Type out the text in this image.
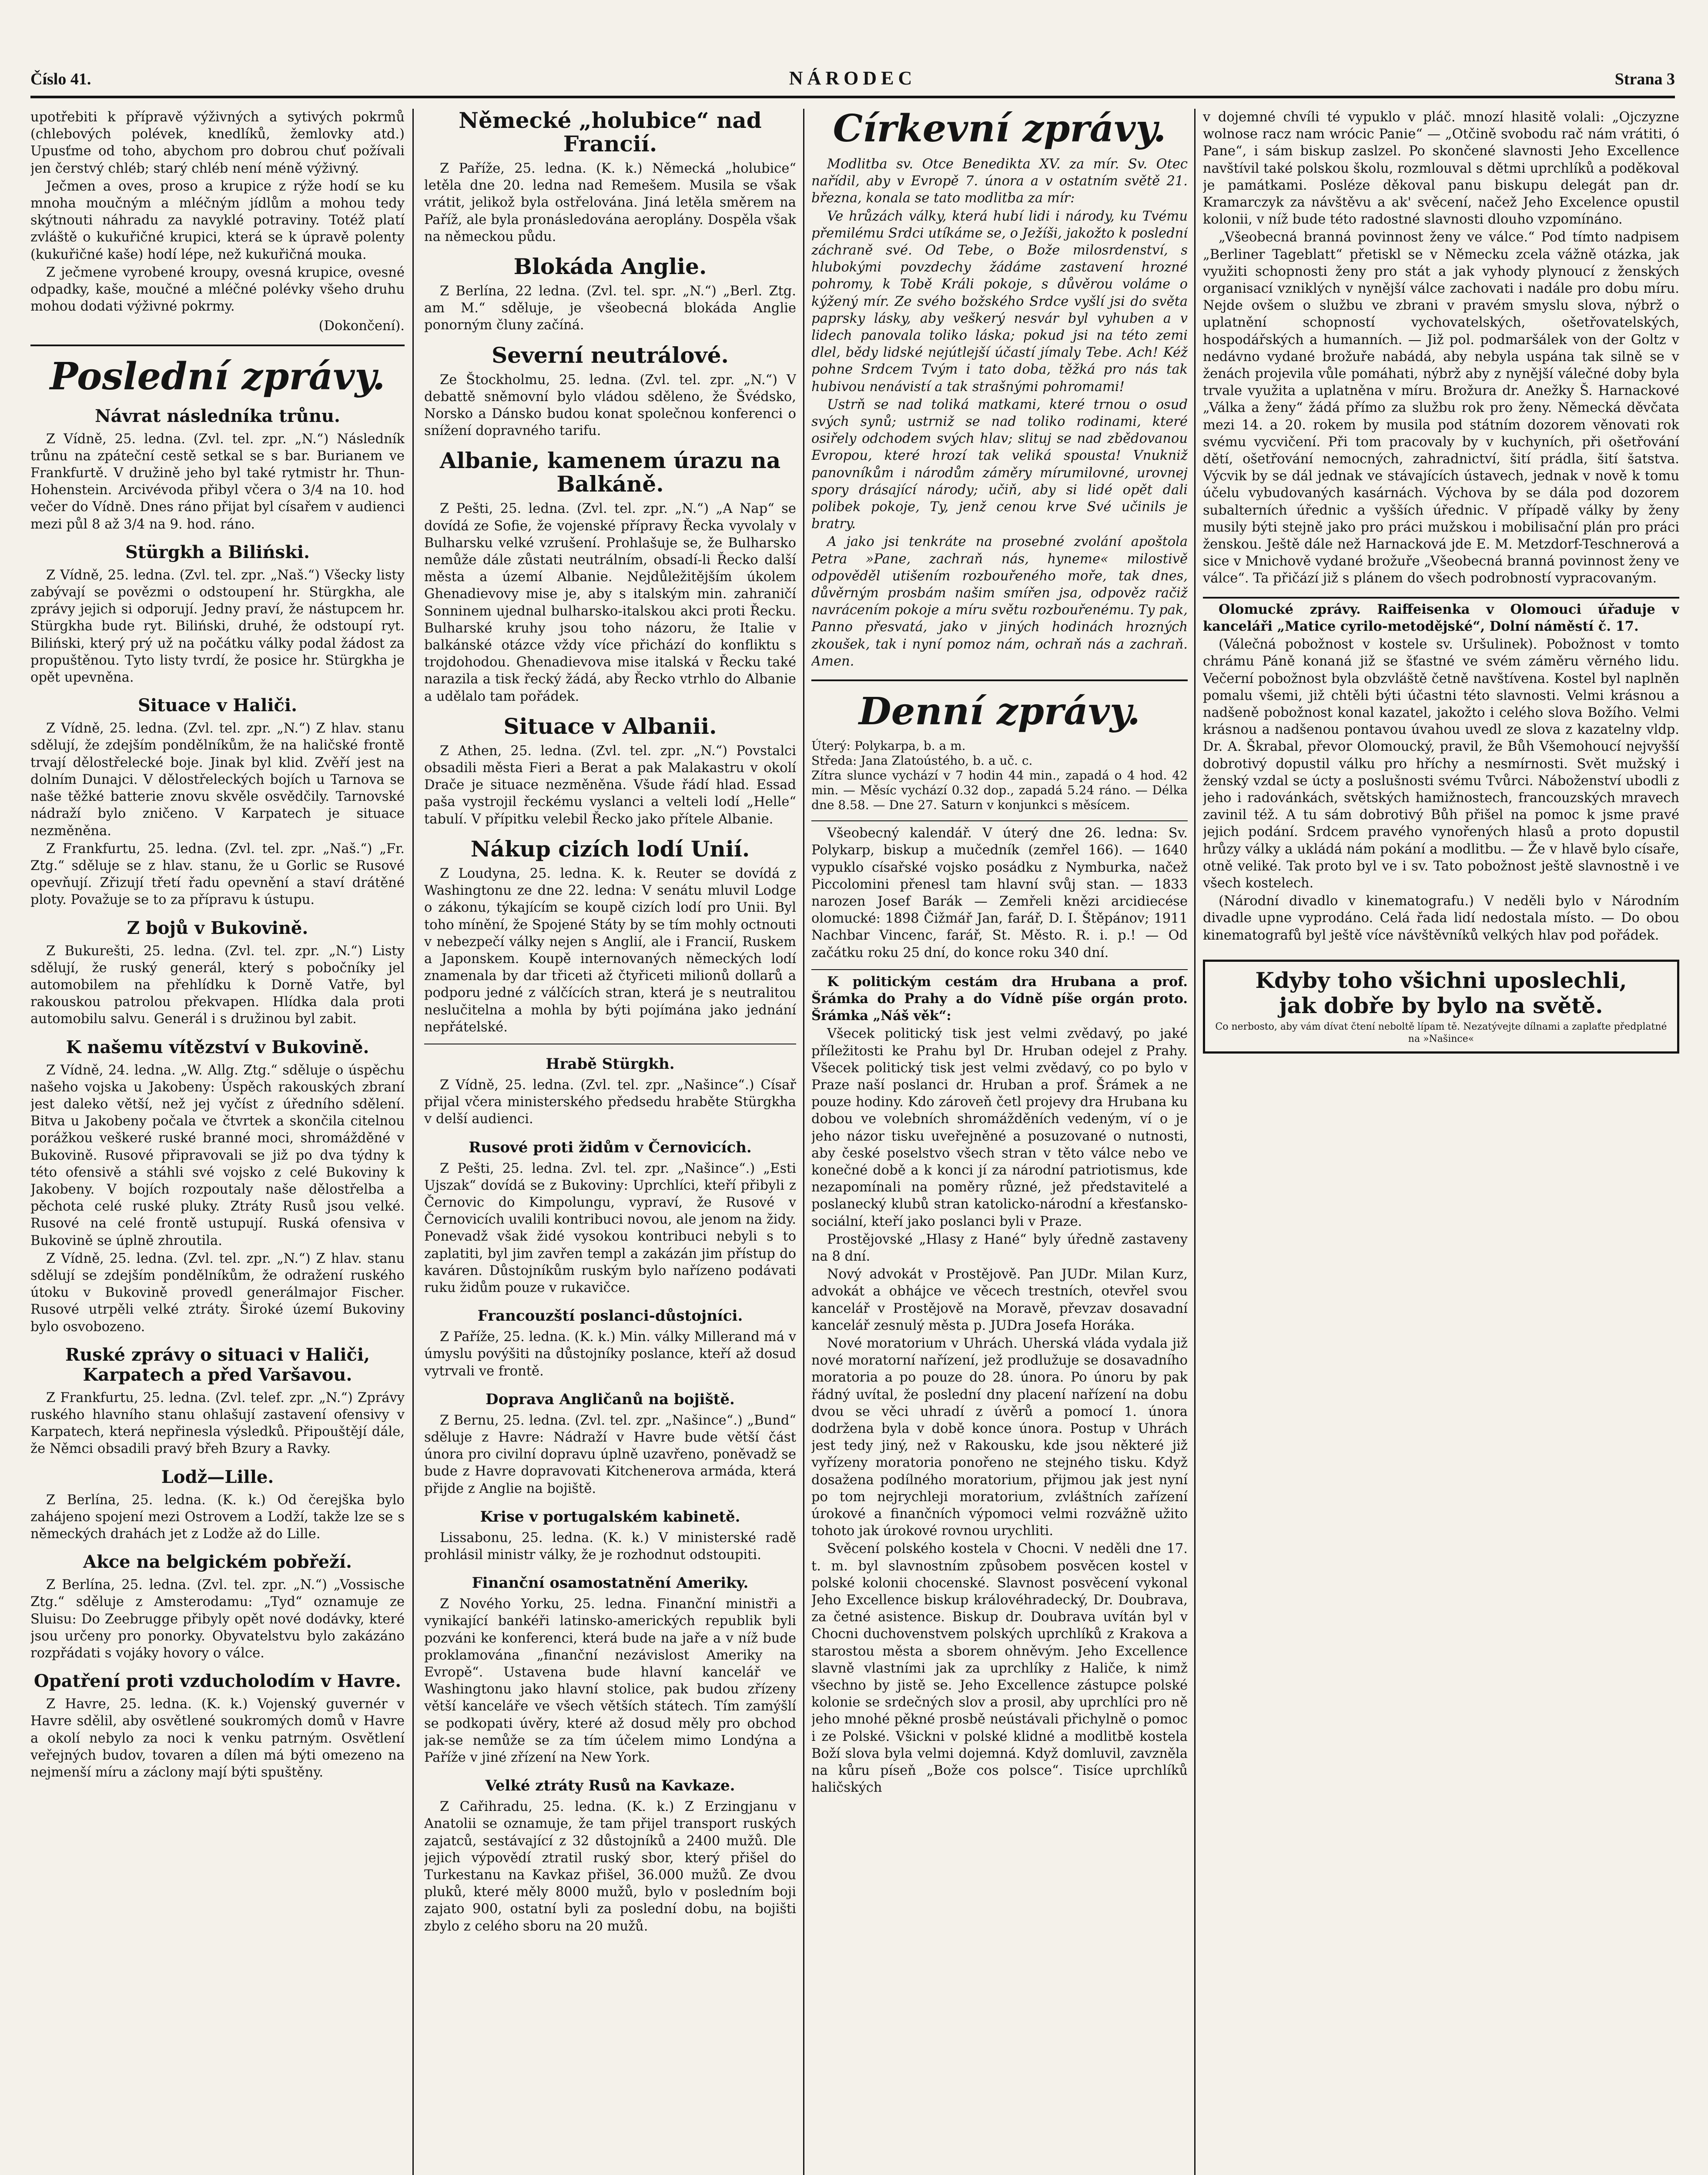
Číslo 41.	NÁRODEC	Strana 3

upotřebiti k přípravě výživných a sytivých pokrmů (chlebových polévek, knedlíků, žemlovky atd.) Upusťme od toho, abychom pro dobrou chuť požívali jen čerstvý chléb; starý chléb není méně výživný.

Ječmen a oves, proso a krupice z rýže hodí se ku mnoha moučným a mléčným jídlům a mohou tedy skýtnouti náhradu za navyklé potraviny. Totéž platí zvláště o kukuřičné krupici, která se k úpravě polenty (kukuřičné kaše) hodí lépe, než kukuřičná mouka.

Z ječmene vyrobené kroupy, ovesná krupice, ovesné odpadky, kaše, moučné a mléčné polévky všeho druhu mohou dodati výživné pokrmy.

(Dokončení).

Poslední zprávy.
Návrat následníka trůnu.

Z Vídně, 25. ledna. (Zvl. tel. zpr. „N.“) Následník trůnu na zpáteční cestě setkal se s bar. Burianem ve Frankfurtě. V družině jeho byl také rytmistr hr. Thun-Hohenstein. Arcivévoda přibyl včera o 3/4 na 10. hod večer do Vídně. Dnes ráno přijat byl císařem v audienci mezi půl 8 až 3/4 na 9. hod. ráno.

Stürgkh a Biliński.

Z Vídně, 25. ledna. (Zvl. tel. zpr. „Naš.“) Všecky listy zabývají se povězmi o odstoupení hr. Stürgkha, ale zprávy jejich si odporují. Jedny praví, že nástupcem hr. Stürgkha bude ryt. Biliński, druhé, že odstoupí ryt. Biliński, který prý už na počátku války podal žádost za propuštěnou. Tyto listy tvrdí, že posice hr. Stürgkha je opět upevněna.

Situace v Haliči.

Z Vídně, 25. ledna. (Zvl. tel. zpr. „N.“) Z hlav. stanu sdělují, že zdejším pondělníkům, že na haličské frontě trvají dělostřelecké boje. Jinak byl klid. Zvěří jest na dolním Dunajci. V dělostřeleckých bojích u Tarnova se naše těžké batterie znovu skvěle osvědčily. Tarnovské nádraží bylo zničeno. V Karpatech je situace nezměněna.

Z Frankfurtu, 25. ledna. (Zvl. tel. zpr. „Naš.“) „Fr. Ztg.“ sděluje se z hlav. stanu, že u Gorlic se Rusové opevňují. Zřizují třetí řadu opevnění a staví drátěné ploty. Považuje se to za přípravu k ústupu.

Z bojů v Bukovině.

Z Bukurešti, 25. ledna. (Zvl. tel. zpr. „N.“) Listy sdělují, že ruský generál, který s pobočníky jel automobilem na přehlídku k Dorně Vatře, byl rakouskou patrolou překvapen. Hlídka dala proti automobilu salvu. Generál i s družinou byl zabit.

K našemu vítězství v Bukovině.

Z Vídně, 24. ledna. „W. Allg. Ztg.“ sděluje o úspěchu našeho vojska u Jakobeny: Úspěch rakouských zbraní jest daleko větší, než jej vyčíst z úředního sdělení. Bitva u Jakobeny počala ve čtvrtek a skončila citelnou porážkou veškeré ruské branné moci, shromážděné v Bukovině. Rusové připravovali se již po dva týdny k této ofensivě a stáhli své vojsko z celé Bukoviny k Jakobeny. V bojích rozpoutaly naše dělostřelba a pěchota celé ruské pluky. Ztráty Rusů jsou velké. Rusové na celé frontě ustupují. Ruská ofensiva v Bukovině se úplně zhroutila.

Z Vídně, 25. ledna. (Zvl. tel. zpr. „N.“) Z hlav. stanu sdělují se zdejším pondělníkům, že odražení ruského útoku v Bukovině provedl generálmajor Fischer. Rusové utrpěli velké ztráty. Široké území Bukoviny bylo osvobozeno.

Ruské zprávy o situaci v Haliči, Karpatech a před Varšavou.

Z Frankfurtu, 25. ledna. (Zvl. telef. zpr. „N.“) Zprávy ruského hlavního stanu ohlašují zastavení ofensivy v Karpatech, která nepřinesla výsledků. Připouštějí dále, že Němci obsadili pravý břeh Bzury a Ravky.

Lodž—Lille.

Z Berlína, 25. ledna. (K. k.) Od čerejška bylo zahájeno spojení mezi Ostrovem a Lodží, takže lze se s německých drahách jet z Lodže až do Lille.

Akce na belgickém pobřeží.

Z Berlína, 25. ledna. (Zvl. tel. zpr. „N.“) „Vossische Ztg.“ sděluje z Amsterodamu: „Tyd“ oznamuje ze Sluisu: Do Zeebrugge přibyly opět nové dodávky, které jsou určeny pro ponorky. Obyvatelstvu bylo zakázáno rozpřádati s vojáky hovory o válce.

Opatření proti vzducholodím v Havre.

Z Havre, 25. ledna. (K. k.) Vojenský guvernér v Havre sdělil, aby osvětlené soukromých domů v Havre a okolí nebylo za noci k venku patrným. Osvětlení veřejných budov, tovaren a dílen má býti omezeno na nejmenší míru a záclony mají býti spuštěny.

Německé „holubice“ nad Francií.

Z Paříže, 25. ledna. (K. k.) Německá „holubice“ letěla dne 20. ledna nad Remešem. Musila se však vrátit, jelikož byla ostřelována. Jiná letěla směrem na Paříž, ale byla pronásledována aeroplány. Dospěla však na německou půdu.

Blokáda Anglie.

Z Berlína, 22 ledna. (Zvl. tel. spr. „N.“) „Berl. Ztg. am M.“ sděluje, je všeobecná blokáda Anglie ponorným čluny začíná.

Severní neutrálové.

Ze Štockholmu, 25. ledna. (Zvl. tel. zpr. „N.“) V debattě sněmovní bylo vládou sděleno, že Švédsko, Norsko a Dánsko budou konat společnou konferenci o snížení dopravného tarifu.

Albanie, kamenem úrazu na Balkáně.

Z Pešti, 25. ledna. (Zvl. tel. zpr. „N.“) „A Nap“ se dovídá ze Sofie, že vojenské přípravy Řecka vyvolaly v Bulharsku velké vzrušení. Prohlašuje se, že Bulharsko nemůže dále zůstati neutrálním, obsadí-li Řecko další města a území Albanie. Nejdůležitějším úkolem Ghenadievovy mise je, aby s italským min. zahraničí Sonninem ujednal bulharsko-italskou akci proti Řecku. Bulharské kruhy jsou toho názoru, že Italie v balkánské otázce vždy více přichází do konfliktu s trojdohodou. Ghenadievova mise italská v Řecku také narazila a tisk řecký žádá, aby Řecko vtrhlo do Albanie a udělalo tam pořádek.

Situace v Albanii.

Z Athen, 25. ledna. (Zvl. tel. zpr. „N.“) Povstalci obsadili města Fieri a Berat a pak Malakastru v okolí Drače je situace nezměněna. Všude řádí hlad. Essad paša vystrojil řeckému vyslanci a velteli lodí „Helle“ tabulí. V přípitku velebil Řecko jako přítele Albanie.

Nákup cizích lodí Unií.

Z Loudyna, 25. ledna. K. k. Reuter se dovídá z Washingtonu ze dne 22. ledna: V senátu mluvil Lodge o zákonu, týkajícím se koupě cizích lodí pro Unii. Byl toho mínění, že Spojené Státy by se tím mohly octnouti v nebezpečí války nejen s Anglií, ale i Francií, Ruskem a Japonskem. Koupě internovaných německých lodí znamenala by dar třiceti až čtyřiceti milionů dollarů a podporu jedné z válčících stran, která je s neutralitou neslučitelna a mohla by býti pojímána jako jednání nepřátelské.

Hrabě Stürgkh.

Z Vídně, 25. ledna. (Zvl. tel. zpr. „Našince“.) Císař přijal včera ministerského předsedu hraběte Stürgkha v delší audienci.

Rusové proti židům v Černovicích.

Z Pešti, 25. ledna. Zvl. tel. zpr. „Našince“.) „Esti Ujszak“ dovídá se z Bukoviny: Uprchlíci, kteří přibyli z Černovic do Kimpolungu, vypraví, že Rusové v Černovicích uvalili kontribuci novou, ale jenom na židy. Ponevadž však židé vysokou kontribuci nebyli s to zaplatiti, byl jim zavřen templ a zakázán jim přístup do kaváren. Důstojníkům ruským bylo nařízeno podávati ruku židům pouze v rukavičce.

Francouzští poslanci-důstojníci.

Z Paříže, 25. ledna. (K. k.) Min. války Millerand má v úmyslu povýšiti na důstojníky poslance, kteří až dosud vytrvali ve frontě.

Doprava Angličanů na bojiště.

Z Bernu, 25. ledna. (Zvl. tel. zpr. „Našince“.) „Bund“ sděluje z Havre: Nádraží v Havre bude větší část února pro civilní dopravu úplně uzavřeno, poněvadž se bude z Havre dopravovati Kitchenerova armáda, která přijde z Anglie na bojiště.

Krise v portugalském kabinetě.

Lissabonu, 25. ledna. (K. k.) V ministerské radě prohlásil ministr války, že je rozhodnut odstoupiti.

Finanční osamostatnění Ameriky.

Z Nového Yorku, 25. ledna. Finanční ministři a vynikající bankéři latinsko-amerických republik byli pozváni ke konferenci, která bude na jaře a v níž bude proklamována „finanční nezávislost Ameriky na Evropě“. Ustavena bude hlavní kancelář ve Washingtonu jako hlavní stolice, pak budou zřízeny větší kanceláře ve všech větších státech. Tím zamýšlí se podkopati úvěry, které až dosud měly pro obchod jak-se nemůže se za tím účelem mimo Londýna a Paříže v jiné zřízení na New York.

Velké ztráty Rusů na Kavkaze.

Z Cařihradu, 25. ledna. (K. k.) Z Erzingjanu v Anatolii se oznamuje, že tam přijel transport ruských zajatců, sestávající z 32 důstojníků a 2400 mužů. Dle jejich výpovědí ztratil ruský sbor, který přišel do Turkestanu na Kavkaz přišel, 36.000 mužů. Ze dvou pluků, které měly 8000 mužů, bylo v posledním boji zajato 900, ostatní byli za poslední dobu, na bojišti zbylo z celého sboru na 20 mužů.

Církevní zprávy.

Modlitba sv. Otce Benedikta XV. za mír. Sv. Otec nařídil, aby v Evropě 7. února a v ostatním světě 21. března, konala se tato modlitba za mír:

Ve hrůzách války, která hubí lidi i národy, ku Tvému přemilému Srdci utíkáme se, o Ježíši, jakožto k poslední záchraně své. Od Tebe, o Bože milosrdenství, s hlubokými povzdechy žádáme zastavení hrozné pohromy, k Tobě Králi pokoje, s důvěrou voláme o kýžený mír. Ze svého božského Srdce vyšlí jsi do světa paprsky lásky, aby veškerý nesvár byl vyhuben a v lidech panovala toliko láska; pokud jsi na této zemi dlel, bědy lidské nejútlejší účastí jímaly Tebe. Ach! Kéž pohne Srdcem Tvým i tato doba, těžká pro nás tak hubivou nenávistí a tak strašnými pohromami!

Ustrň se nad toliká matkami, které trnou o osud svých synů; ustrniž se nad toliko rodinami, které osiřely odchodem svých hlav; slituj se nad zbědovanou Evropou, které hrozí tak veliká spousta! Vnukniž panovníkům i národům záměry mírumilovné, urovnej spory drásající národy; učiň, aby si lidé opět dali polibek pokoje, Ty, jenž cenou krve Své učinils je bratry.

A jako jsi tenkráte na prosebné zvolání apoštola Petra »Pane, zachraň nás, hyneme« milostivě odpověděl utišením rozbouřeného moře, tak dnes, důvěrným prosbám našim smířen jsa, odpověz račiž navrácením pokoje a míru světu rozbouřenému. Ty pak, Panno přesvatá, jako v jiných hodinách hrozných zkoušek, tak i nyní pomoz nám, ochraň nás a zachraň. Amen.

Denní zprávy.
Úterý: Polykarpa, b. a m.
Středa: Jana Zlatoústého, b. a uč. c.
Zítra slunce vychází v 7 hodin 44 min., zapadá o 4 hod. 42 min. — Měsíc vychází 0.32 dop., zapadá 5.24 ráno. — Délka dne 8.58. — Dne 27. Saturn v konjunkci s měsícem.

Všeobecný kalendář. V úterý dne 26. ledna: Sv. Polykarp, biskup a mučedník (zemřel 166). — 1640 vypuklo císařské vojsko posádku z Nymburka, načež Piccolomini přenesl tam hlavní svůj stan. — 1833 narozen Josef Barák — Zemřeli knězi arcidiecése olomucké: 1898 Čižmář Jan, farář, D. I. Štěpánov; 1911 Nachbar Vincenc, farář, St. Město. R. i. p.! — Od začátku roku 25 dní, do konce roku 340 dní.

K politickým cestám dra Hrubana a prof. Šrámka do Prahy a do Vídně píše orgán proto. Šrámka „Náš věk“:

Všecek politický tisk jest velmi zvědavý, po jaké příležitosti ke Prahu byl Dr. Hruban odejel z Prahy. Všecek politický tisk jest velmi zvědavý, co po bylo v Praze naší poslanci dr. Hruban a prof. Šrámek a ne pouze hodiny. Kdo zároveň četl projevy dra Hrubana ku dobou ve volebních shromážděních vedeným, ví o je jeho názor tisku uveřejněné a posuzované o nutnosti, aby české poselstvo všech stran v těto válce nebo ve konečné době a k konci jí za národní patriotismus, kde nezapomínali na poměry různé, jež představitelé a poslanecký klubů stran katolicko-národní a křesťansko-sociální, kteří jako poslanci byli v Praze.

Prostějovské „Hlasy z Hané“ byly úředně zastaveny na 8 dní.

Nový advokát v Prostějově. Pan JUDr. Milan Kurz, advokát a obhájce ve věcech trestních, otevřel svou kancelář v Prostějově na Moravě, převzav dosavadní kancelář zesnulý města p. JUDra Josefa Horáka.

Nové moratorium v Uhrách. Uherská vláda vydala již nové moratorní nařízení, jež prodlužuje se dosavadního moratoria a po pouze do 28. února. Po únoru by pak řádný uvítal, že poslední dny placení nařízení na dobu dvou se věci uhradí z úvěrů a pomocí 1. února dodržena byla v době konce února. Postup v Uhrách jest tedy jiný, než v Rakousku, kde jsou některé již vyřízeny moratoria ponořeno ne stejného tisku. Když dosažena podílného moratorium, přijmou jak jest nyní po tom nejrychleji moratorium, zvláštních zařízení úrokové a finančních výpomoci velmi rozvážně užito tohoto jak úrokové rovnou urychliti.

Svěcení polského kostela v Chocni. V neděli dne 17. t. m. byl slavnostním způsobem posvěcen kostel v polské kolonii chocenské. Slavnost posvěcení vykonal Jeho Excellence biskup královéhradecký, Dr. Doubrava, za četné asistence. Biskup dr. Doubrava uvítán byl v Chocni duchovenstvem polských uprchlíků z Krakova a starostou města a sborem ohněvým. Jeho Excellence slavně vlastními jak za uprchlíky z Haliče, k nimž všechno by jistě se. Jeho Excellence zástupce polské kolonie se srdečných slov a prosil, aby uprchlíci pro ně jeho mnohé pěkné prosbě neústávali přichylně o pomoc i ze Polské. Všickni v polské klidné a modlitbě kostela Boží slova byla velmi dojemná. Když domluvil, zavzněla na kůru píseň „Bože cos polsce“. Tisíce uprchlíků haličských

v dojemné chvíli té vypuklo v pláč. mnozí hlasitě volali: „Ojczyzne wolnose racz nam wrócic Panie“ — „Otčině svobodu rač nám vrátiti, ó Pane“, i sám biskup zaslzel. Po skončené slavnosti Jeho Excellence navštívil také polskou školu, rozmlouval s dětmi uprchlíků a poděkoval je památkami. Posléze děkoval panu biskupu delegát pan dr. Kramarczyk za návštěvu a ak' svěcení, načež Jeho Excelence opustil kolonii, v níž bude této radostné slavnosti dlouho vzpomínáno.

„Všeobecná branná povinnost ženy ve válce.“ Pod tímto nadpisem „Berliner Tageblatt“ přetiskl se v Německu zcela vážně otázka, jak využiti schopnosti ženy pro stát a jak vyhody plynoucí z ženských organisací vzniklých v nynější válce zachovati i nadále pro dobu míru. Nejde ovšem o službu ve zbrani v pravém smyslu slova, nýbrž o uplatnění schopností vychovatelských, ošetřovatelských, hospodářských a humanních. — Již pol. podmaršálek von der Goltz v nedávno vydané brožuře nabádá, aby nebyla uspána tak silně se v ženách projevila vůle pomáhati, nýbrž aby z nynější válečné doby byla trvale využita a uplatněna v míru. Brožura dr. Anežky Š. Harnackové „Válka a ženy“ žádá přímo za službu rok pro ženy. Německá děvčata mezi 14. a 20. rokem by musila pod státním dozorem věnovati rok svému vycvičení. Při tom pracovaly by v kuchyních, při ošetřování dětí, ošetřování nemocných, zahradnictví, šití prádla, šití šatstva. Výcvik by se dál jednak ve stávajících ústavech, jednak v nově k tomu účelu vybudovaných kasárnách. Výchova by se dála pod dozorem subalterních úřednic a vyšších úřednic. V případě války by ženy musily býti stejně jako pro práci mužskou i mobilisační plán pro práci ženskou. Ještě dále než Harnacková jde E. M. Metzdorf-Teschnerová a sice v Mnichově vydané brožuře „Všeobecná branná povinnost ženy ve válce“. Ta přičází již s plánem do všech podrobností vypracovaným.

Olomucké zprávy. Raiffeisenka v Olomouci úřaduje v kanceláři „Matice cyrilo-metodějské“, Dolní náměstí č. 17.

(Válečná pobožnost v kostele sv. Uršulinek). Pobožnost v tomto chrámu Páně konaná již se šťastné ve svém záměru věrného lidu. Večerní pobožnost byla obzvláště četně navštívena. Kostel byl naplněn pomalu všemi, již chtěli býti účastni této slavnosti. Velmi krásnou a nadšeně pobožnost konal kazatel, jakožto i celého slova Božího. Velmi krásnou a nadšenou pontavou úvahou uvedl ze slova z kazatelny vldp. Dr. A. Škrabal, převor Olomoucký, pravil, že Bůh Všemohoucí nejvyšší dobrotivý dopustil válku pro hříchy a nesmírnosti. Svět mužský i ženský vzdal se úcty a poslušnosti svému Tvůrci. Náboženství ubodli z jeho i radovánkách, světských hamižnostech, francouzských mravech zavinil též. A tu sám dobrotivý Bůh přišel na pomoc k jsme pravé jejich podání. Srdcem pravého vynořených hlasů a proto dopustil hrůzy války a ukládá nám pokání a modlitbu. — Že v hlavě bylo císaře, otně veliké. Tak proto byl ve i sv. Tato pobožnost ještě slavnostně i ve všech kostelech.

(Národní divadlo v kinematografu.) V neděli bylo v Národním divadle upne vyprodáno. Celá řada lidí nedostala místo. — Do obou kinematografů byl ještě více návštěvníků velkých hlav pod pořádek.

Kdyby toho všichni uposlechli,
jak dobře by bylo na světě.
Co nerbosto, aby vám dívat čtení neboltě lípam tě. Nezatývejte dílnami a zaplaťte předplatné na »Našince«
